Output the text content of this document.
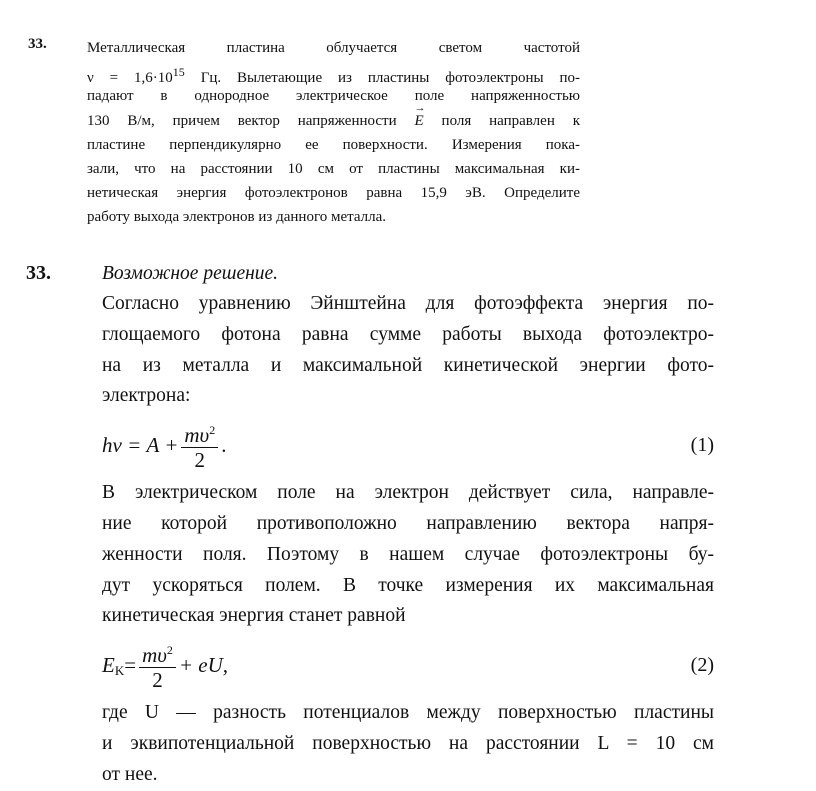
33.	Металлическая пластина облучается светом частотой
$\nu = 1,6\cdot 10^{15}$ Гц. Вылетающие из пластины фотоэлектроны по-
падают в однородное электрическое поле напряженностью
130 В/м, причем вектор напряженности → E поля направлен к
пластине перпендикулярно ее поверхности. Измерения пока-
зали, что на расстоянии 10 см от пластины максимальная ки-
нетическая энергия фотоэлектронов равна 15,9 эВ. Определите
работу выхода электронов из данного металла.
33.	Возможное решение.
Согласно уравнению Эйнштейна для фотоэффекта энергия по-
глощаемого фотона равна сумме работы выхода фотоэлектро-
на из металла и максимальной кинетической энергии фото-
электрона:
$h\nu = A + \frac{m\upsilon^2}{2}$ .	(1)
В электрическом поле на электрон действует сила, направле-
ние которой противоположно направлению вектора напря-
женности поля. Поэтому в нашем случае фотоэлектроны бу-
дут ускоряться полем. В точке измерения их максимальная
кинетическая энергия станет равной
E $K = \frac{m\upsilon^2}{2}$ + eU,	(2)
где U — разность потенциалов между поверхностью пластины
и эквипотенциальной поверхностью на расстоянии L = 10 см
от нее.
